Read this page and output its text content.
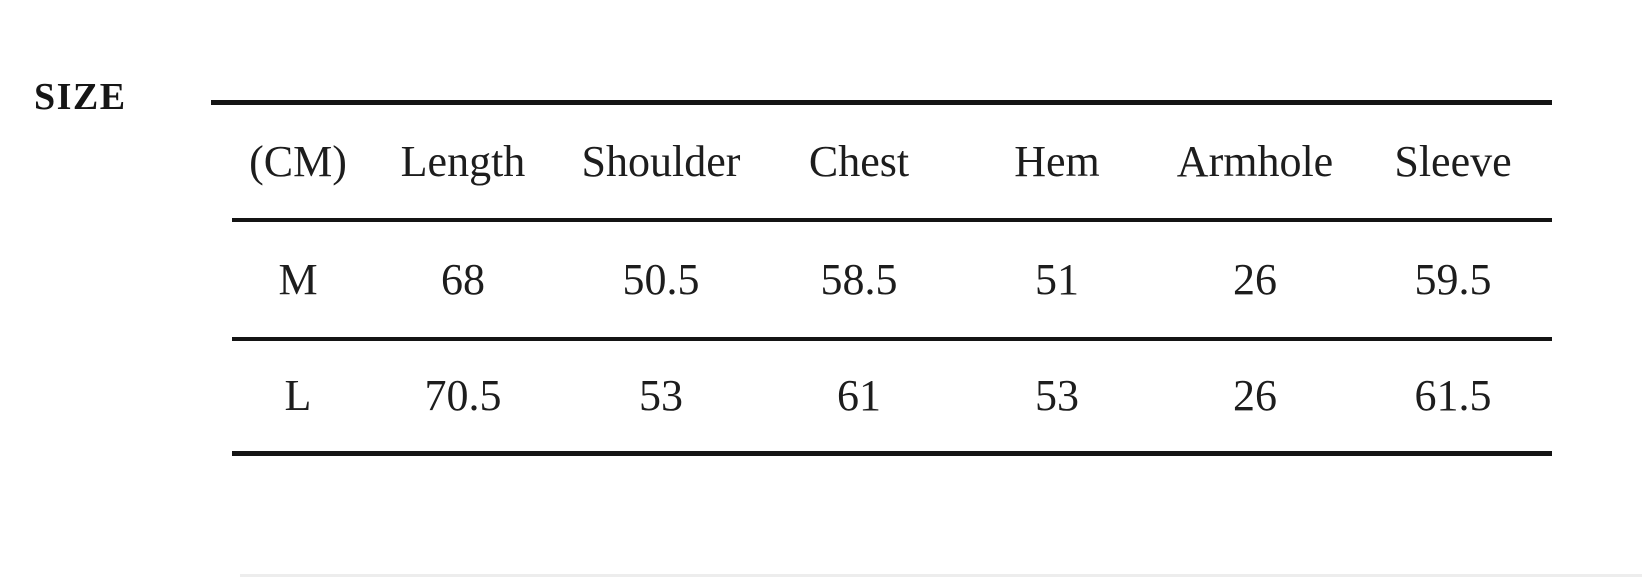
SIZE
(CM)	Length	Shoulder	Chest	Hem	Armhole	Sleeve
M	68	50.5	58.5	51	26	59.5
L	70.5	53	61	53	26	61.5
